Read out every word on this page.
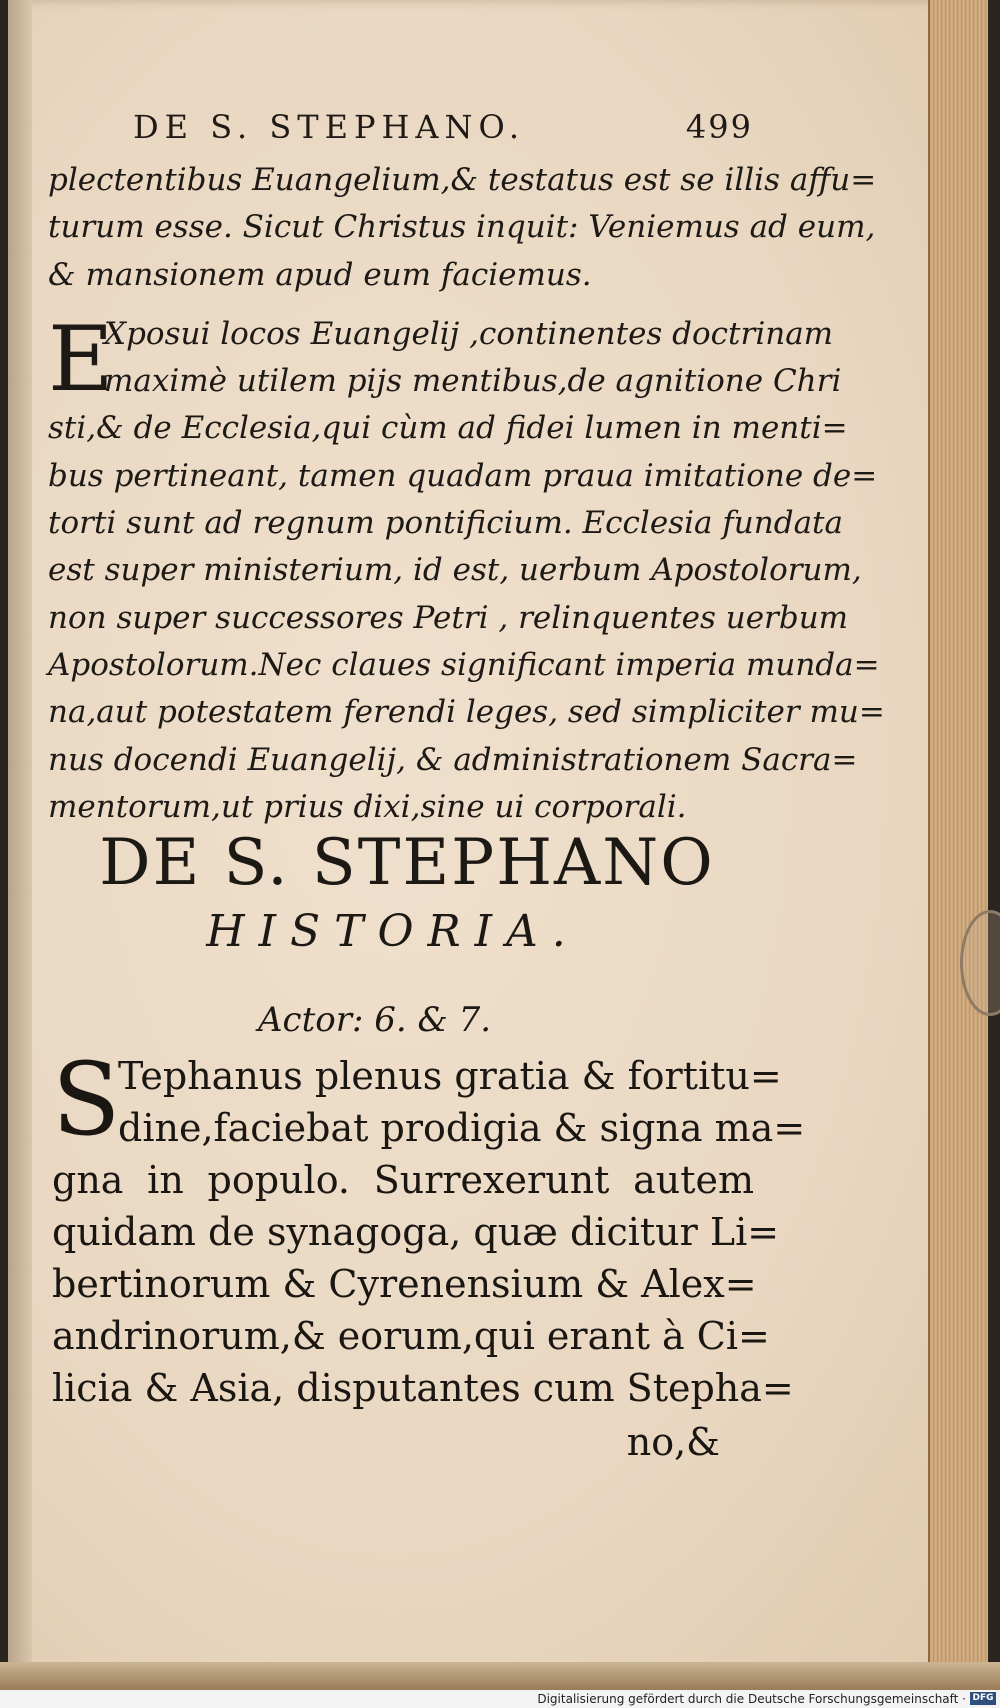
DE S. STEPHANO.	499
plectentibus Euangelium,& testatus est se illis affu=
turum esse. Sicut Christus inquit: Veniemus ad eum,
& mansionem apud eum faciemus.
E
Xposui locos Euangelij ,continentes doctrinam
maximè utilem pijs mentibus,de agnitione Chri
sti,& de Ecclesia,qui cùm ad fidei lumen in menti=
bus pertineant, tamen quadam praua imitatione de=
torti sunt ad regnum pontificium. Ecclesia fundata
est super ministerium, id est, uerbum Apostolorum,
non super successores Petri , relinquentes uerbum
Apostolorum.Nec claues significant imperia munda=
na,aut potestatem ferendi leges, sed simpliciter mu=
nus docendi Euangelij, & administrationem Sacra=
mentorum,ut prius dixi,sine ui corporali.
DE S. STEPHANO
HISTORIA.
Actor: 6. & 7.
S
Tephanus plenus gratia & fortitu=
dine,faciebat prodigia & signa ma=
gna in populo. Surrexerunt autem
quidam de synagoga, quæ dicitur Li=
bertinorum & Cyrenensium & Alex=
andrinorum,& eorum,qui erant à Ci=
licia & Asia, disputantes cum Stepha=
no,&
Digitalisierung gefördert durch die Deutsche Forschungsgemeinschaft · DFG
